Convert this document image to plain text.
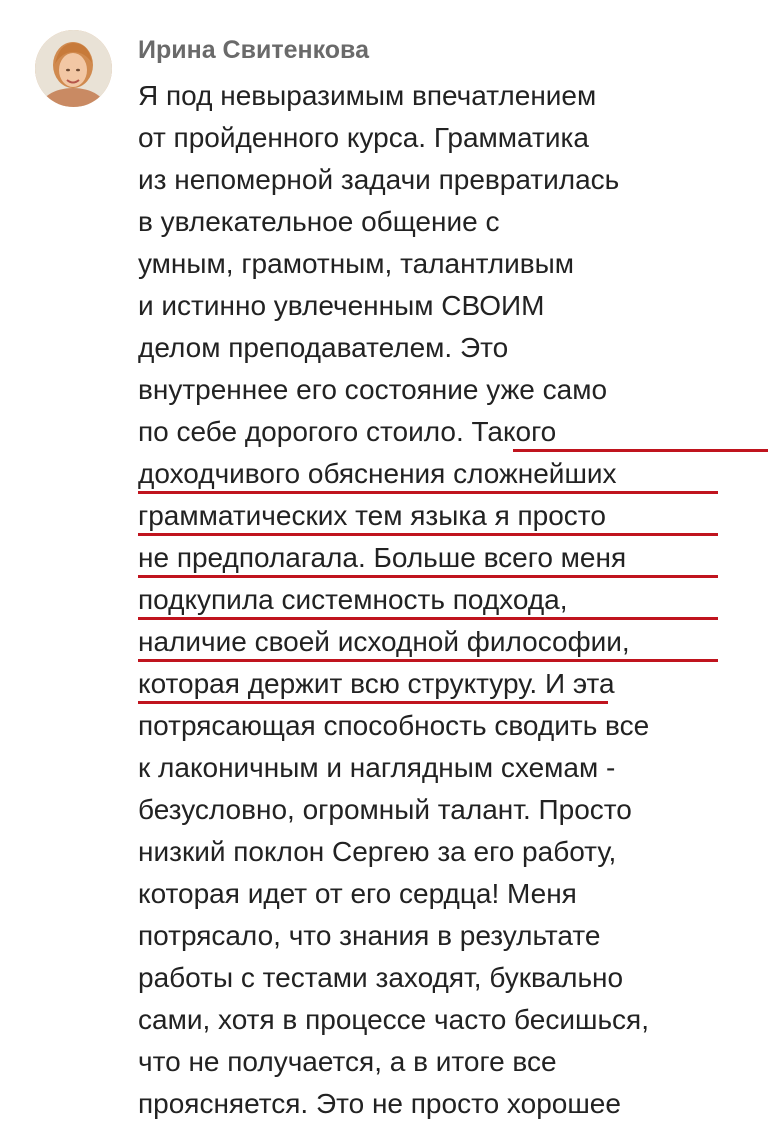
Ирина Свитенкова
Я под невыразимым впечатлением
от пройденного курса. Грамматика
из непомерной задачи превратилась
в увлекательное общение с
умным, грамотным, талантливым
и истинно увлеченным СВОИМ
делом преподавателем. Это
внутреннее его состояние уже само
по себе дорогого стоило. Такого
доходчивого обяснения сложнейших
грамматических тем языка я просто
не предполагала. Больше всего меня
подкупила системность подхода,
наличие своей исходной философии,
которая держит всю структуру. И эта
потрясающая способность сводить все
к лаконичным и наглядным схемам -
безусловно, огромный талант. Просто
низкий поклон Сергею за его работу,
которая идет от его сердца! Меня
потрясало, что знания в результате
работы с тестами заходят, буквально
сами, хотя в процессе часто бесишься,
что не получается, а в итоге все
проясняется. Это не просто хорошее
